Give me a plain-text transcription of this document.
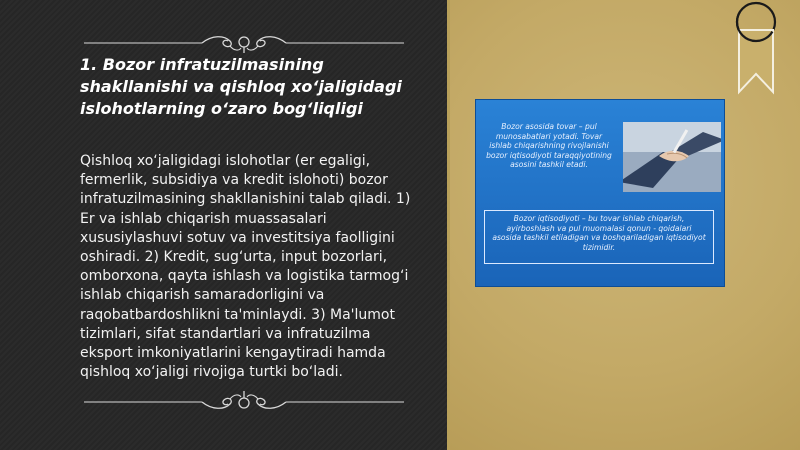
1. Bozor infratuzilmasining shakllanishi va qishloq xo‘jaligidagi islohotlarning o‘zaro bog‘liqligi
Qishloq xo‘jaligidagi islohotlar (er egaligi, fermerlik, subsidiya va kredit islohoti) bozor infratuzilmasining shakllanishini talab qiladi. 1) Er va ishlab chiqarish muassasalari xususiylashuvi sotuv va investitsiya faolligini oshiradi. 2) Kredit, sug‘urta, input bozorlari, omborxona, qayta ishlash va logistika tarmog‘i ishlab chiqarish samaradorligini va raqobatbardoshlikni ta'minlaydi. 3) Ma'lumot tizimlari, sifat standartlari va infratuzilma eksport imkoniyatlarini kengaytiradi hamda qishloq xo‘jaligi rivojiga turtki bo‘ladi.
Bozor asosida tovar – pul munosabatlari yotadi. Tovar ishlab chiqarishning rivojlanishi bozor iqtisodiyoti taraqqiyotining asosini tashkil etadi.
Bozor iqtisodiyoti – bu tovar ishlab chiqarish, ayirboshlash va pul muomalasi qonun - qoidalari asosida tashkil etiladigan va boshqariladigan iqtisodiyot tizimidir.
